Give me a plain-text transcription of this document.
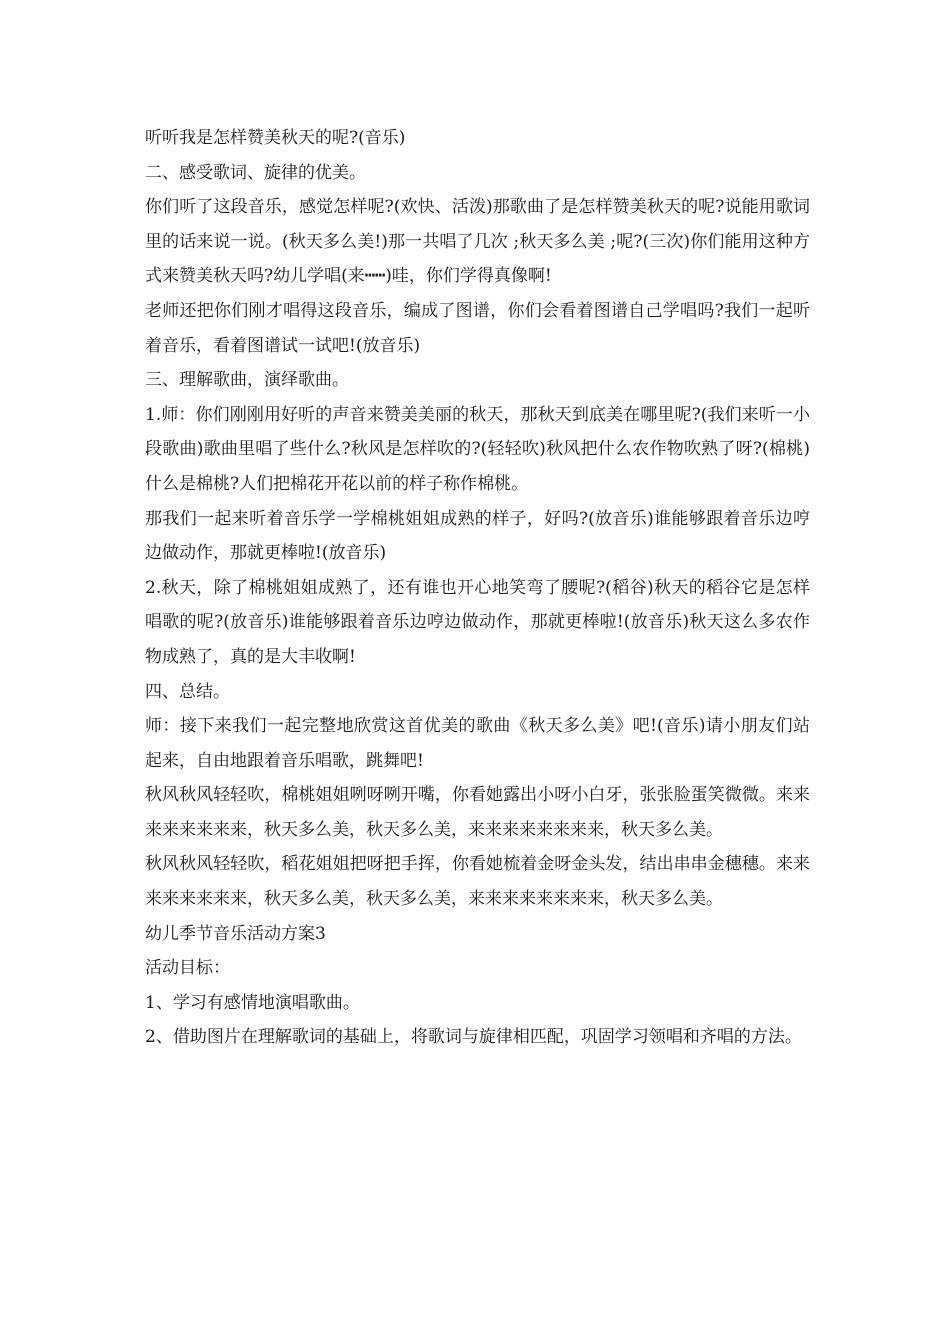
听听我是怎样赞美秋天的呢?(音乐)

二、感受歌词、旋律的优美。

你们听了这段音乐，感觉怎样呢?(欢快、活泼)那歌曲了是怎样赞美秋天的呢?说能用歌词里的话来说一说。(秋天多么美!)那一共唱了几次 ;秋天多么美 ;呢?(三次)你们能用这种方式来赞美秋天吗?幼儿学唱(来┅┅)哇，你们学得真像啊!

老师还把你们刚才唱得这段音乐，编成了图谱，你们会看着图谱自己学唱吗?我们一起听着音乐，看着图谱试一试吧!(放音乐)

三、理解歌曲，演绎歌曲。

1.师：你们刚刚用好听的声音来赞美美丽的秋天，那秋天到底美在哪里呢?(我们来听一小段歌曲)歌曲里唱了些什么?秋风是怎样吹的?(轻轻吹)秋风把什么农作物吹熟了呀?(棉桃)什么是棉桃?人们把棉花开花以前的样子称作棉桃。

那我们一起来听着音乐学一学棉桃姐姐成熟的样子，好吗?(放音乐)谁能够跟着音乐边哼边做动作，那就更棒啦!(放音乐)

2.秋天，除了棉桃姐姐成熟了，还有谁也开心地笑弯了腰呢?(稻谷)秋天的稻谷它是怎样唱歌的呢?(放音乐)谁能够跟着音乐边哼边做动作，那就更棒啦!(放音乐)秋天这么多农作物成熟了，真的是大丰收啊!

四、总结。

师：接下来我们一起完整地欣赏这首优美的歌曲《秋天多么美》吧!(音乐)请小朋友们站起来，自由地跟着音乐唱歌，跳舞吧!

秋风秋风轻轻吹，棉桃姐姐咧呀咧开嘴，你看她露出小呀小白牙，张张脸蛋笑微微。来来来来来来来来，秋天多么美，秋天多么美，来来来来来来来来，秋天多么美。

秋风秋风轻轻吹，稻花姐姐把呀把手挥，你看她梳着金呀金头发，结出串串金穗穗。来来来来来来来来，秋天多么美，秋天多么美，来来来来来来来来，秋天多么美。

幼儿季节音乐活动方案3

活动目标：

1、学习有感情地演唱歌曲。

2、借助图片在理解歌词的基础上，将歌词与旋律相匹配，巩固学习领唱和齐唱的方法。
